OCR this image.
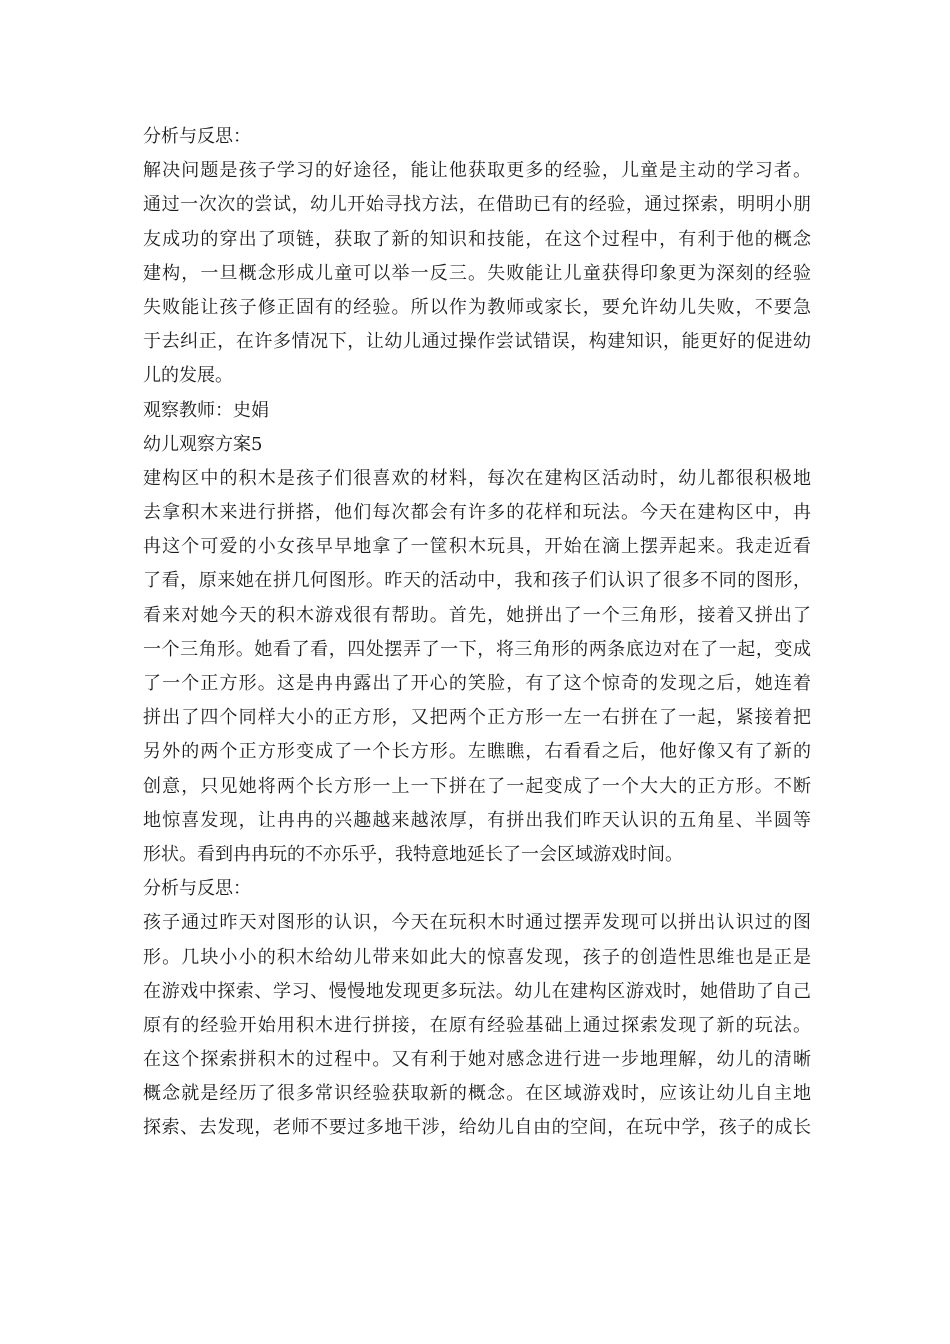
分析与反思：
解决问题是孩子学习的好途径，能让他获取更多的经验，儿童是主动的学习者。
通过一次次的尝试，幼儿开始寻找方法，在借助已有的经验，通过探索，明明小朋
友成功的穿出了项链，获取了新的知识和技能，在这个过程中，有利于他的概念
建构，一旦概念形成儿童可以举一反三。失败能让儿童获得印象更为深刻的经验
失败能让孩子修正固有的经验。所以作为教师或家长，要允许幼儿失败，不要急
于去纠正，在许多情况下，让幼儿通过操作尝试错误，构建知识，能更好的促进幼
儿的发展。
观察教师：史娟
幼儿观察方案5
建构区中的积木是孩子们很喜欢的材料，每次在建构区活动时，幼儿都很积极地
去拿积木来进行拼搭，他们每次都会有许多的花样和玩法。今天在建构区中，冉
冉这个可爱的小女孩早早地拿了一筐积木玩具，开始在滴上摆弄起来。我走近看
了看，原来她在拼几何图形。昨天的活动中，我和孩子们认识了很多不同的图形，
看来对她今天的积木游戏很有帮助。首先，她拼出了一个三角形，接着又拼出了
一个三角形。她看了看，四处摆弄了一下，将三角形的两条底边对在了一起，变成
了一个正方形。这是冉冉露出了开心的笑脸，有了这个惊奇的发现之后，她连着
拼出了四个同样大小的正方形，又把两个正方形一左一右拼在了一起，紧接着把
另外的两个正方形变成了一个长方形。左瞧瞧，右看看之后，他好像又有了新的
创意，只见她将两个长方形一上一下拼在了一起变成了一个大大的正方形。不断
地惊喜发现，让冉冉的兴趣越来越浓厚，有拼出我们昨天认识的五角星、半圆等
形状。看到冉冉玩的不亦乐乎，我特意地延长了一会区域游戏时间。
分析与反思：
孩子通过昨天对图形的认识，今天在玩积木时通过摆弄发现可以拼出认识过的图
形。几块小小的积木给幼儿带来如此大的惊喜发现，孩子的创造性思维也是正是
在游戏中探索、学习、慢慢地发现更多玩法。幼儿在建构区游戏时，她借助了自己
原有的经验开始用积木进行拼接，在原有经验基础上通过探索发现了新的玩法。
在这个探索拼积木的过程中。又有利于她对感念进行进一步地理解，幼儿的清晰
概念就是经历了很多常识经验获取新的概念。在区域游戏时，应该让幼儿自主地
探索、去发现，老师不要过多地干涉，给幼儿自由的空间，在玩中学，孩子的成长
